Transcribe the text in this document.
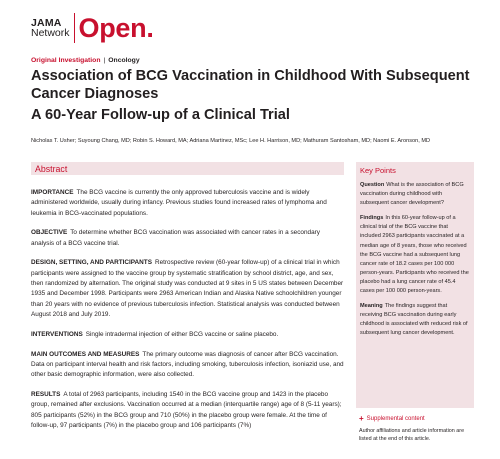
JAMA
Network Open.
Original Investigation | Oncology
Association of BCG Vaccination in Childhood With Subsequent Cancer Diagnoses
A 60-Year Follow-up of a Clinical Trial
Nicholas T. Usher; Suyoung Chang, MD; Robin S. Howard, MA; Adriana Martinez, MSc; Lee H. Harrison, MD; Mathuram Santosham, MD; Naomi E. Aronson, MD
Abstract

IMPORTANCE The BCG vaccine is currently the only approved tuberculosis vaccine and is widely administered worldwide, usually during infancy. Previous studies found increased rates of lymphoma and leukemia in BCG-vaccinated populations.

OBJECTIVE To determine whether BCG vaccination was associated with cancer rates in a secondary analysis of a BCG vaccine trial.

DESIGN, SETTING, AND PARTICIPANTS Retrospective review (60-year follow-up) of a clinical trial in which participants were assigned to the vaccine group by systematic stratification by school district, age, and sex, then randomized by alternation. The original study was conducted at 9 sites in 5 US states between December 1935 and December 1998. Participants were 2963 American Indian and Alaska Native schoolchildren younger than 20 years with no evidence of previous tuberculosis infection. Statistical analysis was conducted between August 2018 and July 2019.

INTERVENTIONS Single intradermal injection of either BCG vaccine or saline placebo.

MAIN OUTCOMES AND MEASURES The primary outcome was diagnosis of cancer after BCG vaccination. Data on participant interval health and risk factors, including smoking, tuberculosis infection, isoniazid use, and other basic demographic information, were also collected.

RESULTS A total of 2963 participants, including 1540 in the BCG vaccine group and 1423 in the placebo group, remained after exclusions. Vaccination occurred at a median (interquartile range) age of 8 (5-11 years); 805 participants (52%) in the BCG group and 710 (50%) in the placebo group were female. At the time of follow-up, 97 participants (7%) in the placebo group and 106 participants (7%)

Key Points

Question What is the association of BCG vaccination during childhood with subsequent cancer development?

Findings In this 60-year follow-up of a clinical trial of the BCG vaccine that included 2963 participants vaccinated at a median age of 8 years, those who received the BCG vaccine had a subsequent lung cancer rate of 18.2 cases per 100 000 person-years. Participants who received the placebo had a lung cancer rate of 45.4 cases per 100 000 person-years.

Meaning The findings suggest that receiving BCG vaccination during early childhood is associated with reduced risk of subsequent lung cancer development.

+ Supplemental content
Author affiliations and article information are listed at the end of this article.
